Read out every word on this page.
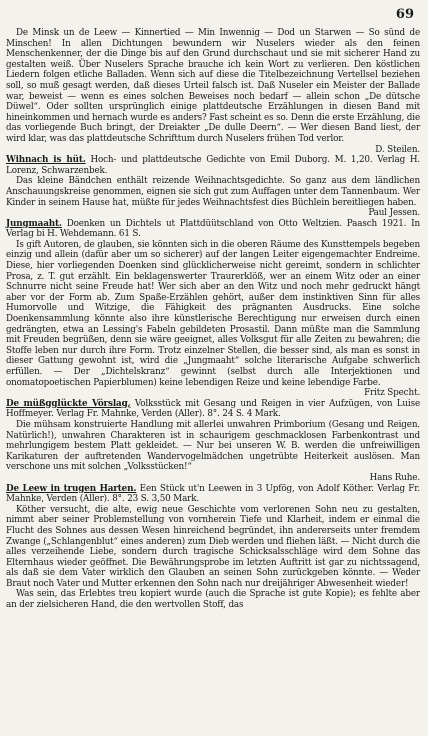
69

De Minsk un de Leew — Kinnertied — Min Inwennig — Dod un Starwen — So sünd de Minschen! In allen Dichtungen bewundern wir Nuselers wieder als den feinen Menschenkenner, der die Dinge bis auf den Grund durchschaut und sie mit sicherer Hand zu gestalten weiß. Über Nuselers Sprache brauche ich kein Wort zu verlieren. Den köstlichen Liedern folgen etliche Balladen. Wenn sich auf diese die Titelbezeichnung Vertellsel beziehen soll, so muß gesagt werden, daß dieses Urteil falsch ist. Daß Nuseler ein Meister der Ballade war, beweist — wenn es eines solchen Beweises noch bedarf — allein schon „De dütsche Düwel“. Oder sollten ursprünglich einige plattdeutsche Erzählungen in diesen Band mit hineinkommen und hernach wurde es anders? Fast scheint es so. Denn die erste Erzählung, die das vorliegende Buch bringt, der Dreiakter „De dulle Deern“. — Wer diesen Band liest, der wird klar, was das plattdeutsche Schrifttum durch Nuselers frühen Tod verlor.
D. Steilen.

Wihnach is hüt. Hoch- und plattdeutsche Gedichte von Emil Duborg. M. 1,20. Verlag H. Lorenz, Schwarzenbek.

Das kleine Bändchen enthält reizende Weihnachtsgedichte. So ganz aus dem ländlichen Anschauungskreise genommen, eignen sie sich gut zum Auffagen unter dem Tannenbaum. Wer Kinder in seinem Hause hat, müßte für jedes Weihnachtsfest dies Büchlein bereitliegen haben.
Paul Jessen.

Jungmaaht. Doenken un Dichtels ut Plattdüütschland von Otto Weltzien. Paasch 1921. In Verlag bi H. Wehdemann. 61 S.

Is gift Autoren, de glauben, sie könnten sich in die oberen Räume des Kunsttempels begeben einzig und allein (dafür aber um so sicherer) auf der langen Leiter eigengemachter Endreime. Diese, hier vorliegenden Doenken sind glücklicherweise nicht gereimt, sondern in schlichter Prosa, z. T. gut erzählt. Ein beklagenswerter Traurerklöß, wer an einem Witz oder an einer Schnurre nicht seine Freude hat! Wer sich aber an den Witz und noch mehr gedruckt hängt aber vor der Form ab. Zum Spaße-Erzählen gehört, außer dem instinktiven Sinn für alles Humorvolle und Witzige, die Fähigkeit des prägnanten Ausdrucks. Eine solche Doenkensammlung könnte also ihre künstlerische Berechtigung nur erweisen durch einen gedrängten, etwa an Lessing's Fabeln gebildeten Prosastil. Dann müßte man die Sammlung mit Freuden begrüßen, denn sie wäre geeignet, alles Volksgut für alle Zeiten zu bewahren; die Stoffe leben nur durch ihre Form. Trotz einzelner Stellen, die besser sind, als man es sonst in dieser Gattung gewohnt ist, wird die „Jungmaaht“ solche literarische Aufgabe schwerlich erfüllen. — Der „Dichtelskranz“ gewinnt (selbst durch alle Interjektionen und onomatopoetischen Papierblumen) keine lebendigen Reize und keine lebendige Farbe.
Fritz Specht.

De müßgglückte Vörslag, Volksstück mit Gesang und Reigen in vier Aufzügen, von Luise Hoffmeyer. Verlag Fr. Mahnke, Verden (Aller). 8°. 24 S. 4 Mark.

Die mühsam konstruierte Handlung mit allerlei unwahren Primborium (Gesang und Reigen. Natürlich!), unwahren Charakteren ist in schaurigem geschmacklosen Farbenkontrast und mehrlungigem bestem Platt gekleidet. — Nur bei unseren W. B. werden die unfreiwilligen Karikaturen der auftretenden Wandervogelmädchen ungetrübte Heiterkeit auslösen. Man verschone uns mit solchen „Volksstücken!“
Hans Ruhe.

De Leew in trugen Harten. Een Stück ut'n Leewen in 3 Upfög, von Adolf Köther. Verlag Fr. Mahnke, Verden (Aller). 8°. 23 S. 3,50 Mark.

Köther versucht, die alte, ewig neue Geschichte vom verlorenen Sohn neu zu gestalten, nimmt aber seiner Problemstellung von vornherein Tiefe und Klarheit, indem er einmal die Flucht des Sohnes aus dessen Wesen hinreichend begründet, ihn andererseits unter fremdem Zwange („Schlangenblut“ eines anderen) zum Dieb werden und fliehen läßt. — Nicht durch die alles verzeihende Liebe, sondern durch tragische Schicksalsschläge wird dem Sohne das Elternhaus wieder geöffnet. Die Bewährungsprobe im letzten Auftritt ist gar zu nichtssagend, als daß sie dem Vater wirklich den Glauben an seinen Sohn zurückgeben könnte. — Weder Braut noch Vater und Mutter erkennen den Sohn nach nur dreijähriger Abwesenheit wieder!

Was sein, das Erlebtes treu kopiert wurde (auch die Sprache ist gute Kopie); es fehlte aber an der zielsicheren Hand, die den wertvollen Stoff, das
